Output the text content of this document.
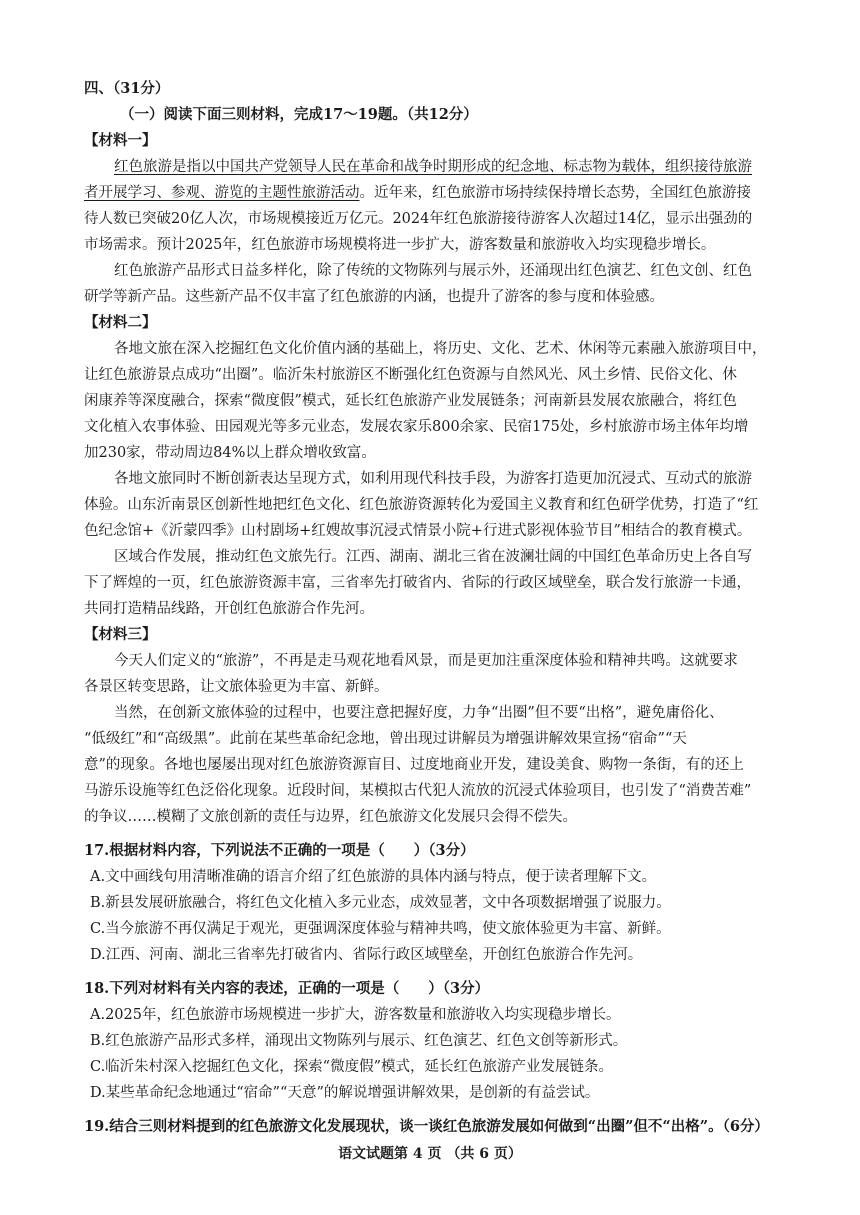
四、（31分）

（一）阅读下面三则材料，完成17～19题。（共12分）

【材料一】

红色旅游是指以中国共产党领导人民在革命和战争时期形成的纪念地、标志物为载体，组织接待旅游

者开展学习、参观、游览的主题性旅游活动。近年来，红色旅游市场持续保持增长态势，全国红色旅游接

待人数已突破20亿人次，市场规模接近万亿元。2024年红色旅游接待游客人次超过14亿，显示出强劲的

市场需求。预计2025年，红色旅游市场规模将进一步扩大，游客数量和旅游收入均实现稳步增长。

红色旅游产品形式日益多样化，除了传统的文物陈列与展示外，还涌现出红色演艺、红色文创、红色

研学等新产品。这些新产品不仅丰富了红色旅游的内涵，也提升了游客的参与度和体验感。

【材料二】

各地文旅在深入挖掘红色文化价值内涵的基础上，将历史、文化、艺术、休闲等元素融入旅游项目中，

让红色旅游景点成功“出圈”。临沂朱村旅游区不断强化红色资源与自然风光、风土乡情、民俗文化、休

闲康养等深度融合，探索“微度假”模式，延长红色旅游产业发展链条；河南新县发展农旅融合，将红色

文化植入农事体验、田园观光等多元业态，发展农家乐800余家、民宿175处，乡村旅游市场主体年均增

加230家，带动周边84%以上群众增收致富。

各地文旅同时不断创新表达呈现方式，如利用现代科技手段，为游客打造更加沉浸式、互动式的旅游

体验。山东沂南景区创新性地把红色文化、红色旅游资源转化为爱国主义教育和红色研学优势，打造了“红

色纪念馆+《沂蒙四季》山村剧场+红嫂故事沉浸式情景小院+行进式影视体验节目”相结合的教育模式。

区域合作发展，推动红色文旅先行。江西、湖南、湖北三省在波澜壮阔的中国红色革命历史上各自写

下了辉煌的一页，红色旅游资源丰富，三省率先打破省内、省际的行政区域壁垒，联合发行旅游一卡通，

共同打造精品线路，开创红色旅游合作先河。

【材料三】

今天人们定义的“旅游”，不再是走马观花地看风景，而是更加注重深度体验和精神共鸣。这就要求

各景区转变思路，让文旅体验更为丰富、新鲜。

当然，在创新文旅体验的过程中，也要注意把握好度，力争“出圈”但不要“出格”，避免庸俗化、

“低级红”和“高级黑”。此前在某些革命纪念地，曾出现过讲解员为增强讲解效果宣扬“宿命”“天

意”的现象。各地也屡屡出现对红色旅游资源盲目、过度地商业开发，建设美食、购物一条街，有的还上

马游乐设施等红色泛俗化现象。近段时间，某模拟古代犯人流放的沉浸式体验项目，也引发了“消费苦难”

的争议……模糊了文旅创新的责任与边界，红色旅游文化发展只会得不偿失。

17.根据材料内容，下列说法不正确的一项是（　　）（3分）

A.文中画线句用清晰准确的语言介绍了红色旅游的具体内涵与特点，便于读者理解下文。

B.新县发展研旅融合，将红色文化植入多元业态，成效显著，文中各项数据增强了说服力。

C.当今旅游不再仅满足于观光，更强调深度体验与精神共鸣，使文旅体验更为丰富、新鲜。

D.江西、河南、湖北三省率先打破省内、省际行政区域壁垒，开创红色旅游合作先河。

18.下列对材料有关内容的表述，正确的一项是（　　）（3分）

A.2025年，红色旅游市场规模进一步扩大，游客数量和旅游收入均实现稳步增长。

B.红色旅游产品形式多样，涌现出文物陈列与展示、红色演艺、红色文创等新形式。

C.临沂朱村深入挖掘红色文化，探索“微度假”模式，延长红色旅游产业发展链条。

D.某些革命纪念地通过“宿命”“天意”的解说增强讲解效果，是创新的有益尝试。

19.结合三则材料提到的红色旅游文化发展现状，谈一谈红色旅游发展如何做到“出圈”但不“出格”。（6分）

语文试题第 4 页 （共 6 页）
